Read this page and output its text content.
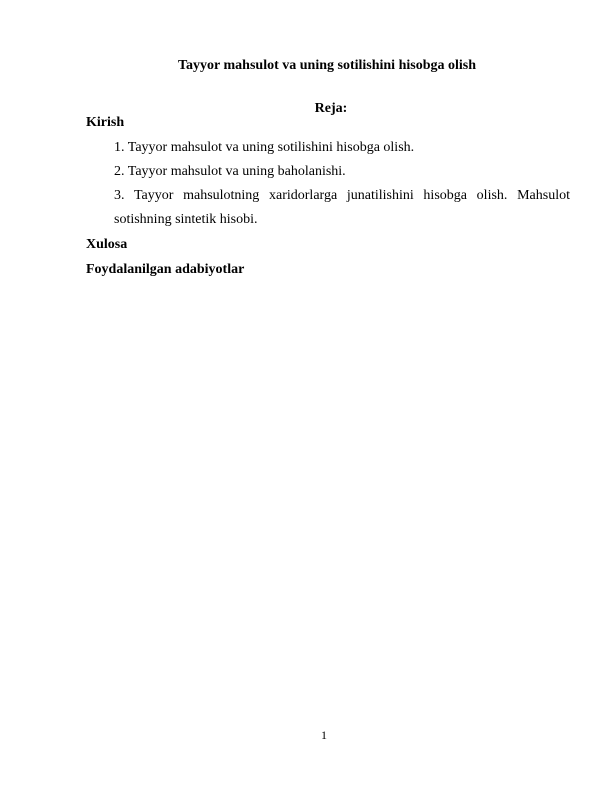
Tayyor mahsulot va uning sotilishini hisobga olish
Reja:
Kirish
1. Tayyor mahsulot va uning sotilishini hisobga olish.
2. Tayyor mahsulot va uning baholanishi.
3. Tayyor mahsulotning xaridorlarga junatilishini hisobga olish. Mahsulot
sotishning sintetik hisobi.
Xulosa
Foydalanilgan adabiyotlar
1
